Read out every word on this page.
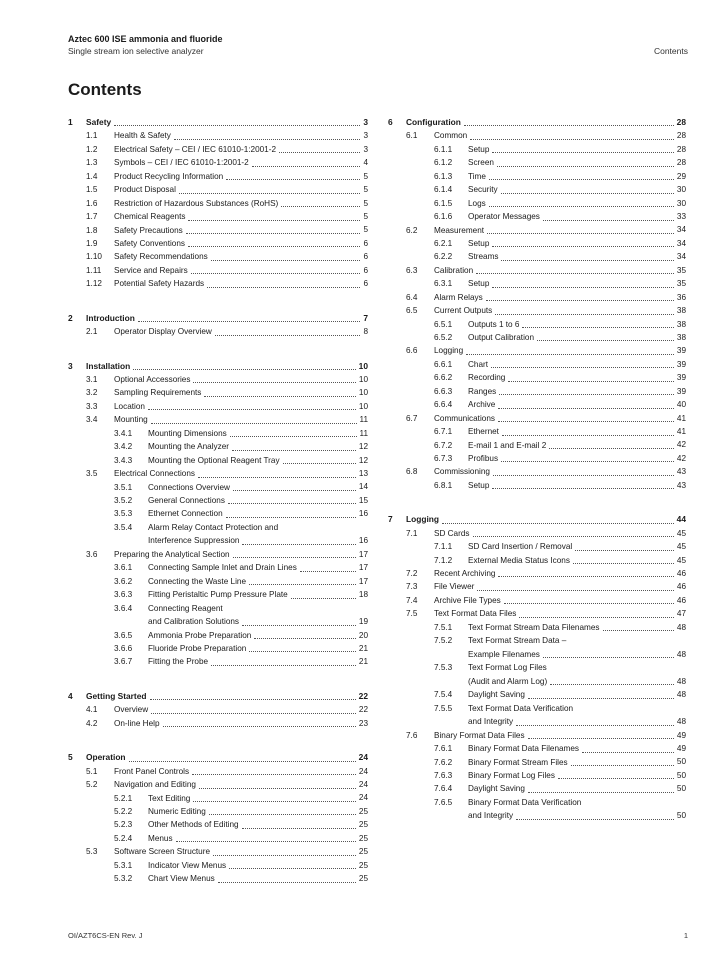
Aztec 600 ISE ammonia and fluoride
Single stream ion selective analyzer	Contents
Contents
1 Safety	3
1.1 Health & Safety	3
1.2 Electrical Safety – CEI / IEC 61010-1:2001-2	3
1.3 Symbols – CEI / IEC 61010-1:2001-2	4
1.4 Product Recycling Information	5
1.5 Product Disposal	5
1.6 Restriction of Hazardous Substances (RoHS)	5
1.7 Chemical Reagents	5
1.8 Safety Precautions	5
1.9 Safety Conventions	6
1.10 Safety Recommendations	6
1.11 Service and Repairs	6
1.12 Potential Safety Hazards	6
2 Introduction	7
2.1 Operator Display Overview	8
3 Installation	10
3.1 Optional Accessories	10
3.2 Sampling Requirements	10
3.3 Location	10
3.4 Mounting	11
3.4.1 Mounting Dimensions	11
3.4.2 Mounting the Analyzer	12
3.4.3 Mounting the Optional Reagent Tray	12
3.5 Electrical Connections	13
3.5.1 Connections Overview	14
3.5.2 General Connections	15
3.5.3 Ethernet Connection	16
3.5.4 Alarm Relay Contact Protection and
Interference Suppression	16
3.6 Preparing the Analytical Section	17
3.6.1 Connecting Sample Inlet and Drain Lines	17
3.6.2 Connecting the Waste Line	17
3.6.3 Fitting Peristaltic Pump Pressure Plate	18
3.6.4 Connecting Reagent
and Calibration Solutions	19
3.6.5 Ammonia Probe Preparation	20
3.6.6 Fluoride Probe Preparation	21
3.6.7 Fitting the Probe	21
4 Getting Started	22
4.1 Overview	22
4.2 On-line Help	23
5 Operation	24
5.1 Front Panel Controls	24
5.2 Navigation and Editing	24
5.2.1 Text Editing	24
5.2.2 Numeric Editing	25
5.2.3 Other Methods of Editing	25
5.2.4 Menus	25
5.3 Software Screen Structure	25
5.3.1 Indicator View Menus	25
5.3.2 Chart View Menus	25
6 Configuration	28
6.1 Common	28
6.1.1 Setup	28
6.1.2 Screen	28
6.1.3 Time	29
6.1.4 Security	30
6.1.5 Logs	30
6.1.6 Operator Messages	33
6.2 Measurement	34
6.2.1 Setup	34
6.2.2 Streams	34
6.3 Calibration	35
6.3.1 Setup	35
6.4 Alarm Relays	36
6.5 Current Outputs	38
6.5.1 Outputs 1 to 6	38
6.5.2 Output Calibration	38
6.6 Logging	39
6.6.1 Chart	39
6.6.2 Recording	39
6.6.3 Ranges	39
6.6.4 Archive	40
6.7 Communications	41
6.7.1 Ethernet	41
6.7.2 E-mail 1 and E-mail 2	42
6.7.3 Profibus	42
6.8 Commissioning	43
6.8.1 Setup	43
7 Logging	44
7.1 SD Cards	45
7.1.1 SD Card Insertion / Removal	45
7.1.2 External Media Status Icons	45
7.2 Recent Archiving	46
7.3 File Viewer	46
7.4 Archive File Types	46
7.5 Text Format Data Files	47
7.5.1 Text Format Stream Data Filenames	48
7.5.2 Text Format Stream Data –
Example Filenames	48
7.5.3 Text Format Log Files
(Audit and Alarm Log)	48
7.5.4 Daylight Saving	48
7.5.5 Text Format Data Verification
and Integrity	48
7.6 Binary Format Data Files	49
7.6.1 Binary Format Data Filenames	49
7.6.2 Binary Format Stream Files	50
7.6.3 Binary Format Log Files	50
7.6.4 Daylight Saving	50
7.6.5 Binary Format Data Verification
and Integrity	50
OI/AZT6CS-EN Rev. J	1
